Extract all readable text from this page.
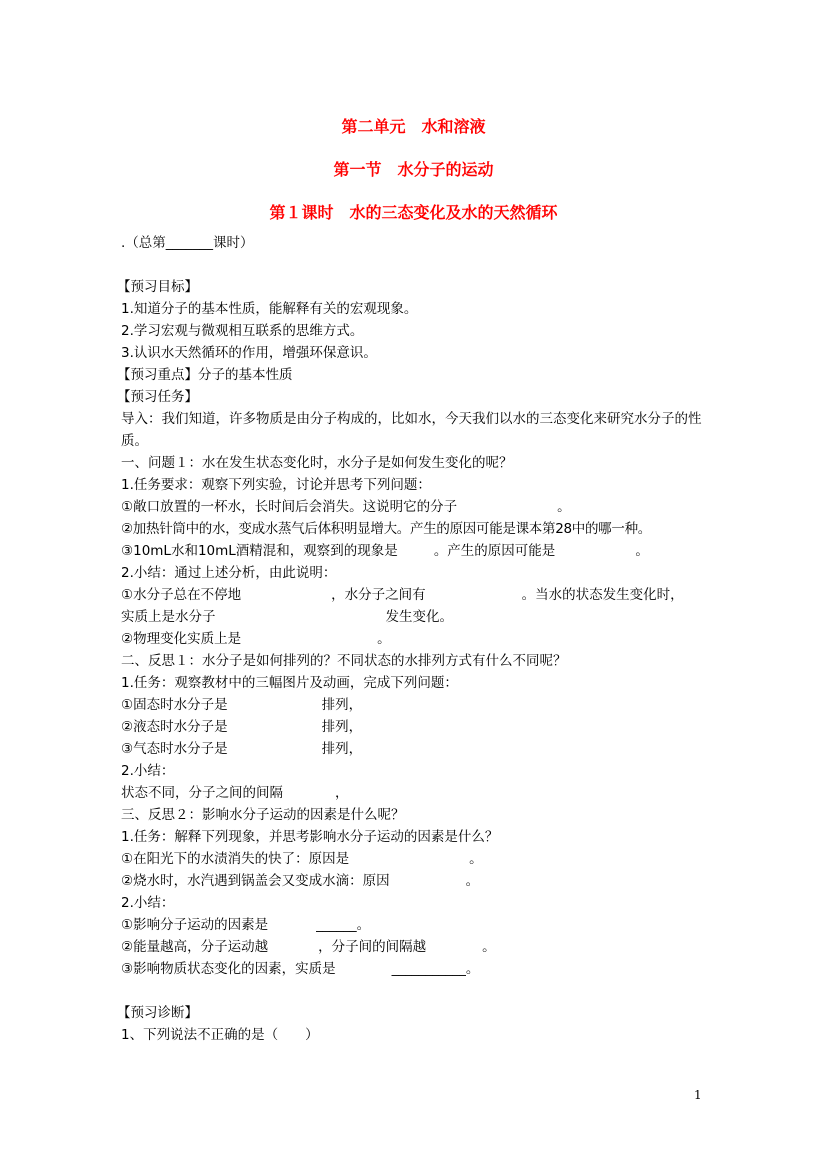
第二单元　水和溶液
第一节　水分子的运动
第１课时　水的三态变化及水的天然循环
.（总第_______课时）
【预习目标】
1.知道分子的基本性质，能解释有关的宏观现象。
2.学习宏观与微观相互联系的思维方式。
3.认识水天然循环的作用，增强环保意识。
【预习重点】分子的基本性质
【预习任务】
导入：我们知道，许多物质是由分子构成的，比如水，今天我们以水的三态变化来研究水分子的性质。
一、问题１：水在发生状态变化时，水分子是如何发生变化的呢？
1.任务要求：观察下列实验，讨论并思考下列问题：
①敞口放置的一杯水，长时间后会消失。这说明它的分子	。
②加热针筒中的水，变成水蒸气后体积明显增大。产生的原因可能是课本第28中的哪一种。
③10mL水和10mL酒精混和，观察到的现象是	。产生的原因可能是	。
2.小结：通过上述分析，由此说明：
①水分子总在不停地	，水分子之间有	。当水的状态发生变化时，
实质上是水分子	发生变化。
②物理变化实质上是	。
二、反思１：水分子是如何排列的？不同状态的水排列方式有什么不同呢？
1.任务：观察教材中的三幅图片及动画，完成下列问题：
①固态时水分子是	排列，
②液态时水分子是	排列，
③气态时水分子是	排列，
2.小结：
状态不同，分子之间的间隔	，
三、反思２：影响水分子运动的因素是什么呢？
1.任务：解释下列现象，并思考影响水分子运动的因素是什么？
①在阳光下的水渍消失的快了：原因是	。
②烧水时，水汽遇到锅盖会又变成水滴：原因	。
2.小结：
①影响分子运动的因素是	______。
②能量越高，分子运动越	，分子间的间隔越	。
③影响物质状态变化的因素，实质是	___________。
【预习诊断】
1、下列说法不正确的是（　　）
1
